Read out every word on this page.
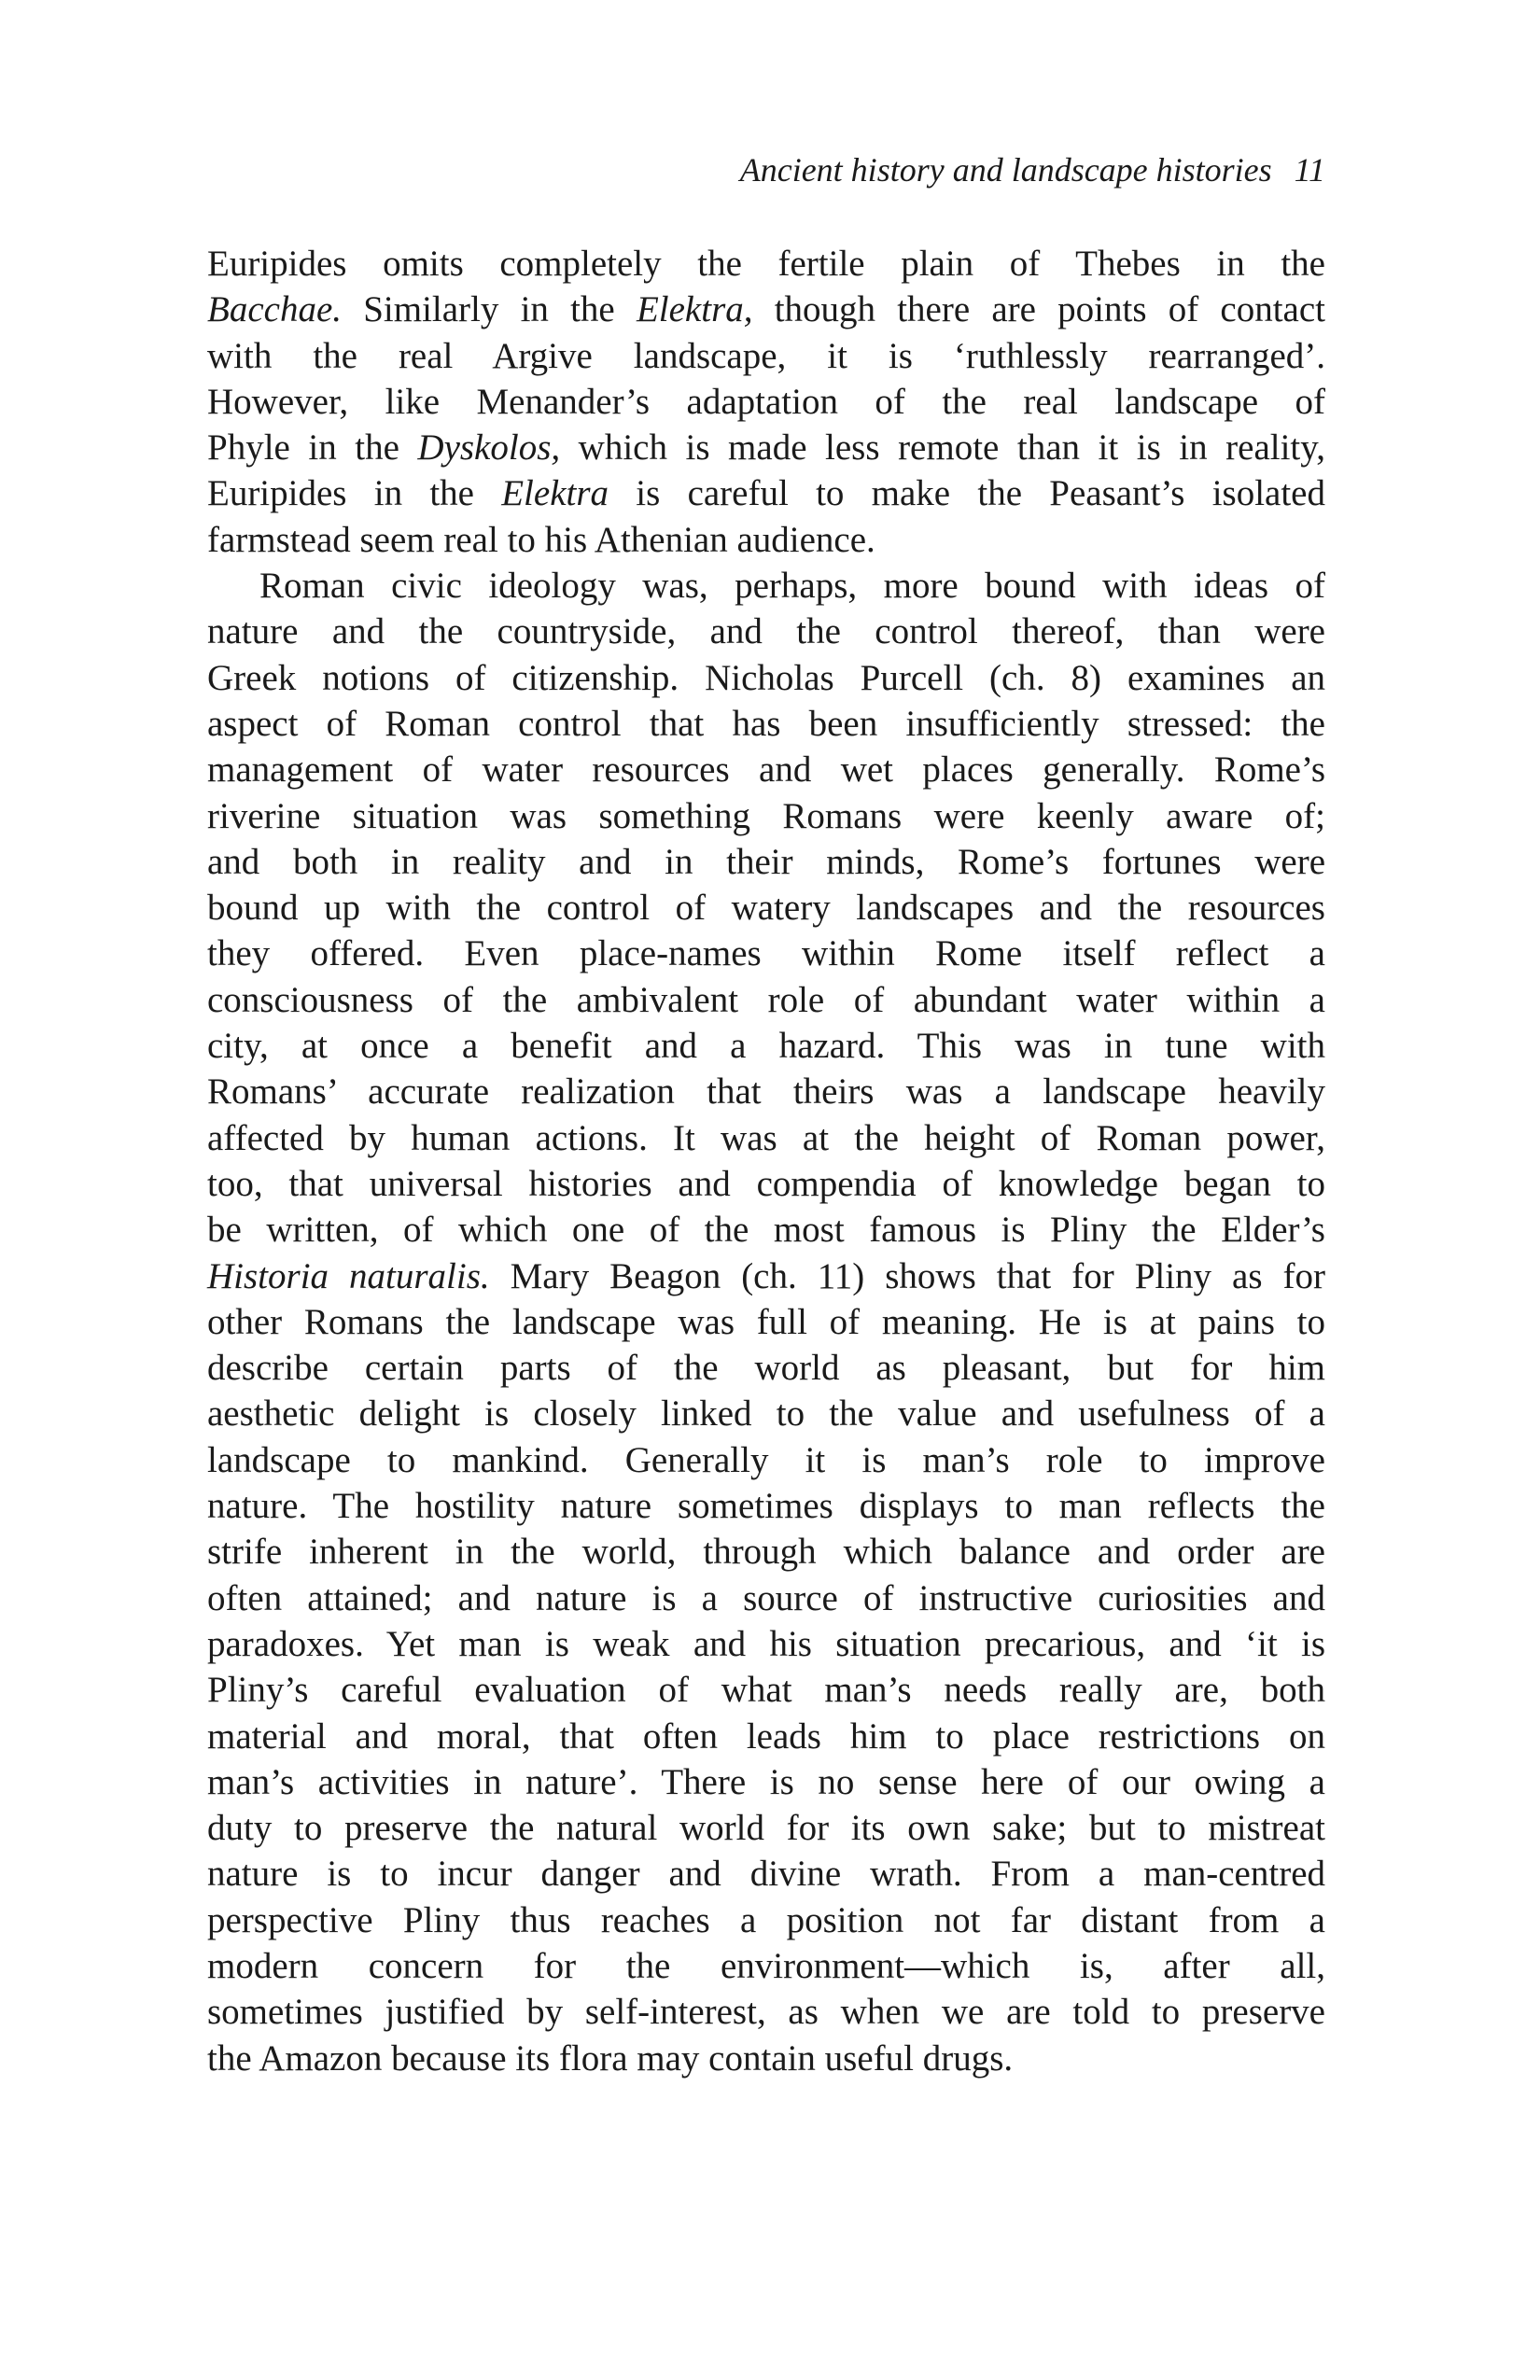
Ancient history and landscape histories 11
Euripides omits completely the fertile plain of Thebes in the
Bacchae. Similarly in the Elektra, though there are points of contact
with the real Argive landscape, it is ‘ruthlessly rearranged’.
However, like Menander’s adaptation of the real landscape of
Phyle in the Dyskolos, which is made less remote than it is in reality,
Euripides in the Elektra is careful to make the Peasant’s isolated
farmstead seem real to his Athenian audience.
Roman civic ideology was, perhaps, more bound with ideas of
nature and the countryside, and the control thereof, than were
Greek notions of citizenship. Nicholas Purcell (ch. 8) examines an
aspect of Roman control that has been insufficiently stressed: the
management of water resources and wet places generally. Rome’s
riverine situation was something Romans were keenly aware of;
and both in reality and in their minds, Rome’s fortunes were
bound up with the control of watery landscapes and the resources
they offered. Even place-names within Rome itself reflect a
consciousness of the ambivalent role of abundant water within a
city, at once a benefit and a hazard. This was in tune with
Romans’ accurate realization that theirs was a landscape heavily
affected by human actions. It was at the height of Roman power,
too, that universal histories and compendia of knowledge began to
be written, of which one of the most famous is Pliny the Elder’s
Historia naturalis. Mary Beagon (ch. 11) shows that for Pliny as for
other Romans the landscape was full of meaning. He is at pains to
describe certain parts of the world as pleasant, but for him
aesthetic delight is closely linked to the value and usefulness of a
landscape to mankind. Generally it is man’s role to improve
nature. The hostility nature sometimes displays to man reflects the
strife inherent in the world, through which balance and order are
often attained; and nature is a source of instructive curiosities and
paradoxes. Yet man is weak and his situation precarious, and ‘it is
Pliny’s careful evaluation of what man’s needs really are, both
material and moral, that often leads him to place restrictions on
man’s activities in nature’. There is no sense here of our owing a
duty to preserve the natural world for its own sake; but to mistreat
nature is to incur danger and divine wrath. From a man-centred
perspective Pliny thus reaches a position not far distant from a
modern concern for the environment—which is, after all,
sometimes justified by self-interest, as when we are told to preserve
the Amazon because its flora may contain useful drugs.
